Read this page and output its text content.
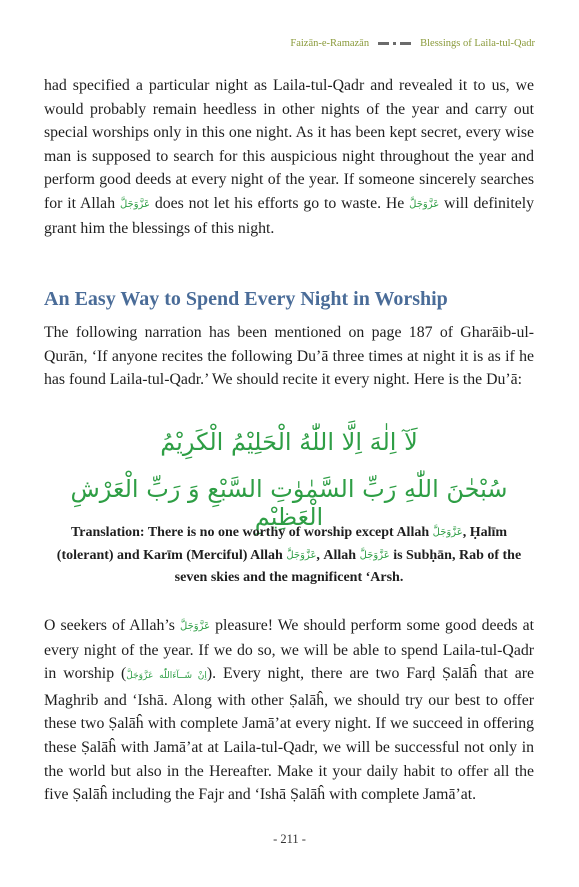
Faizān-e-Ramazān	Blessings of Laila-tul-Qadr

had specified a particular night as Laila-tul-Qadr and revealed it to us, we would probably remain heedless in other nights of the year and carry out special worships only in this one night. As it has been kept secret, every wise man is supposed to search for this auspicious night throughout the year and perform good deeds at every night of the year. If someone sincerely searches for it Allah عَزَّوَجَلَّ does not let his efforts go to waste. He عَزَّوَجَلَّ will definitely grant him the blessings of this night.

An Easy Way to Spend Every Night in Worship

The following narration has been mentioned on page 187 of Gharāib-ul-Qurān, ‘If anyone recites the following Du’ā three times at night it is as if he has found Laila-tul-Qadr.’ We should recite it every night. Here is the Du’ā:

لَآ اِلٰهَ اِلَّا اللّٰهُ الْحَلِيْمُ الْكَرِيْمُ
سُبْحٰنَ اللّٰهِ رَبِّ السَّمٰوٰتِ السَّبْعِ وَ رَبِّ الْعَرْشِ الْعَظِيْمِ

Translation: There is no one worthy of worship except Allah عَزَّوَجَلَّ, Ḥalīm (tolerant) and Karīm (Merciful) Allah عَزَّوَجَلَّ, Allah عَزَّوَجَلَّ is Subḥān, Rab of the seven skies and the magnificent ‘Arsh.

O seekers of Allah’s عَزَّوَجَلَّ pleasure! We should perform some good deeds at every night of the year. If we do so, we will be able to spend Laila-tul-Qadr in worship (اِنْ شَــآءَاللّٰه عَزَّوَجَلَّ). Every night, there are two Farḍ Ṣalāĥ that are Maghrib and ‘Ishā. Along with other Ṣalāĥ, we should try our best to offer these two Ṣalāĥ with complete Jamā’at every night. If we succeed in offering these Ṣalāĥ with Jamā’at at Laila-tul-Qadr, we will be successful not only in the world but also in the Hereafter. Make it your daily habit to offer all the five Ṣalāĥ including the Fajr and ‘Ishā Ṣalāĥ with complete Jamā’at.

- 211 -
